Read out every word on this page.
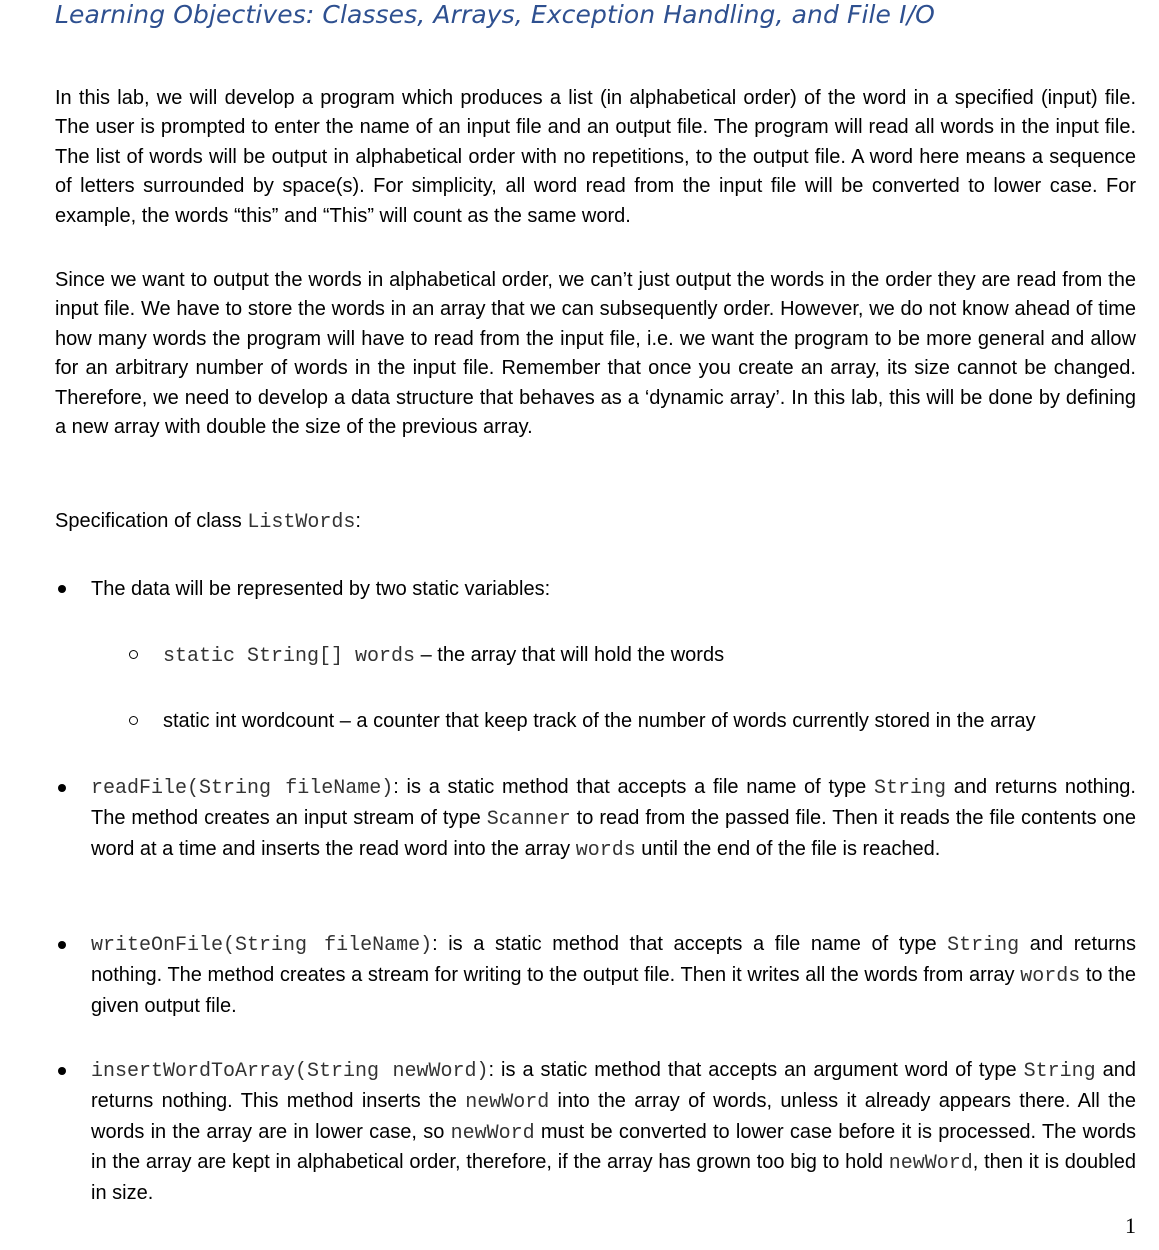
Learning Objectives: Classes, Arrays, Exception Handling, and File I/O

In this lab, we will develop a program which produces a list (in alphabetical order) of the word in a specified (input) file. The user is prompted to enter the name of an input file and an output file. The program will read all words in the input file. The list of words will be output in alphabetical order with no repetitions, to the output file. A word here means a sequence of letters surrounded by space(s). For simplicity, all word read from the input file will be converted to lower case. For example, the words “this” and “This” will count as the same word.

Since we want to output the words in alphabetical order, we can’t just output the words in the order they are read from the input file. We have to store the words in an array that we can subsequently order. However, we do not know ahead of time how many words the program will have to read from the input file, i.e. we want the program to be more general and allow for an arbitrary number of words in the input file. Remember that once you create an array, its size cannot be changed. Therefore, we need to develop a data structure that behaves as a ‘dynamic array’. In this lab, this will be done by defining a new array with double the size of the previous array.

Specification of class ListWords:

The data will be represented by two static variables:

static String[] words – the array that will hold the words
static int wordcount – a counter that keep track of the number of words currently stored in the array

readFile(String fileName): is a static method that accepts a file name of type String and returns nothing. The method creates an input stream of type Scanner to read from the passed file. Then it reads the file contents one word at a time and inserts the read word into the array words until the end of the file is reached.

writeOnFile(String fileName): is a static method that accepts a file name of type String and returns nothing. The method creates a stream for writing to the output file. Then it writes all the words from array words to the given output file.

insertWordToArray(String newWord): is a static method that accepts an argument word of type String and returns nothing. This method inserts the newWord into the array of words, unless it already appears there. All the words in the array are in lower case, so newWord must be converted to lower case before it is processed. The words in the array are kept in alphabetical order, therefore, if the array has grown too big to hold newWord, then it is doubled in size.

1
